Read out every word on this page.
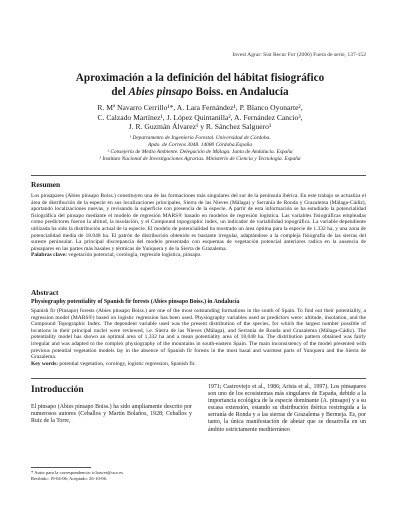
Invest Agrar: Sist Recur For (2006) Fuera de serie, 137-152
Aproximación a la definición del hábitat fisiográfico
del Abies pinsapo Boiss. en Andalucía
R. Mª Navarro Cerrillo¹*, A. Lara Fernández¹, P. Blanco Oyonarte²,
C. Calzado Martínez¹, J. López Quintanilla², A. Fernández Cancio³,
J. R. Guzmán Álvarez¹ y R. Sánchez Salguero¹
¹ Departamento de Ingeniería Forestal. Universidad de Córdoba.
Apdo. de Correos 3048. 14080 Córdoba.España
² Consejería de Medio Ambiente. Delegación de Málaga. Junta de Andalucía. España
³ Instituto Nacional de Investigaciones Agrarias. Ministerio de Ciencia y Tecnología. España
Resumen
Los pinsapares (Abies pinsapo Boiss.) constituyen una de las formaciones más singulares del sur de la península ibérica. En este trabajo se actualiza el área de distribución de la especie en sus localizaciones principales, Sierra de las Nieves (Málaga) y Serranía de Ronda y Grazalema (Málaga-Cádiz), aportando localizaciones nuevas, y revisando la superficie con presencia de la especie. A partir de esta información se ha estudiado la potencialidad fisiográfica del pinsapo mediante el modelo de regresión MARS® basado en modelos de regresión logística. Las variables fisiográficas empleadas como predictores fueron la altitud, la insolación, y el Compound topographic index, un indicador de variabilidad topográfica. La variable dependiente utilizada ha sido la distribución actual de la especie. El modelo de potencialidad ha mostrado un área óptima para la especie de 1.332 ha, y una zona de potencialidad media de 18.048 ha. El patrón de distribución obtenido es bastante irregular, adaptándose a la compleja fisiografía de las sierras del sureste peninsular. La principal discrepancia del modelo presentado con esquemas de vegetación potencial anteriores radica en la ausencia de pinsapares en las partes más basales y térmicas de Yunquera y de la Sierra de Grazalema.
Palabras clave: vegetación potencial, corología, regresión logística, pinsapo.
Abstract
Physiography potentiality of Spanish fir forests (Abies pinsapo Boiss.) in Andalucía
Spanish fir (Pinsapo) forests (Abies pinsapo Boiss.) are one of the most outstanding formations in the south of Spain. To find out their potentiality, a regression model (MARS®) based on logistic regression has been used. Physiography variables used as predictors were: altitude, insolation, and the Compound Topographic Index. The dependent variable used was the present distribution of the species, for which the largest number possible of locations in their principal nuclei were reviewed, i.e. Sierra de las Nieves (Málaga), and Serranía de Ronda and Grazalema (Málaga-Cádiz). The potentiality model has shown an optimal area of 1,332 ha and a mean potentiality area of 18,048 ha. The distribution pattern obtained was fairly irregular and was adapted to the complex physiography of the mountains in south-eastern Spain. The main inconsistency of the model presented with previous potential vegetation models lay in the absence of Spanish fir forests in the most basal and warmest parts of Yunquera and the Sierra de Grazalema.
Key words: potential vegetation, corology, logistic regression, Spanish fir.
Introducción
El pinsapo (Abies pinsapo Boiss.) ha sido ampliamente descrito por numerosos autores (Ceballos y Martín Bolaños, 1928; Ceballos y Ruiz de la Torre,
1971; Castroviejo et al., 1986; Arista et al., 1997). Los pinsapares son uno de los ecosistemas más singulares de España, debido a la importancia ecológica de la especie dominante (A. pinsapo) y a su escasa extensión, estando su distribución ibérica restringida a la serranía de Ronda y a las sierras de Grazalema y Bermeja. Es, por tanto, la única manifestación de abetar que se desarrolla en un ámbito estrictamente mediterráneo
* Autor para la correspondencia: ir1nacer@uco.es
Recibido: 19-04-06; Aceptado: 26-10-06.
